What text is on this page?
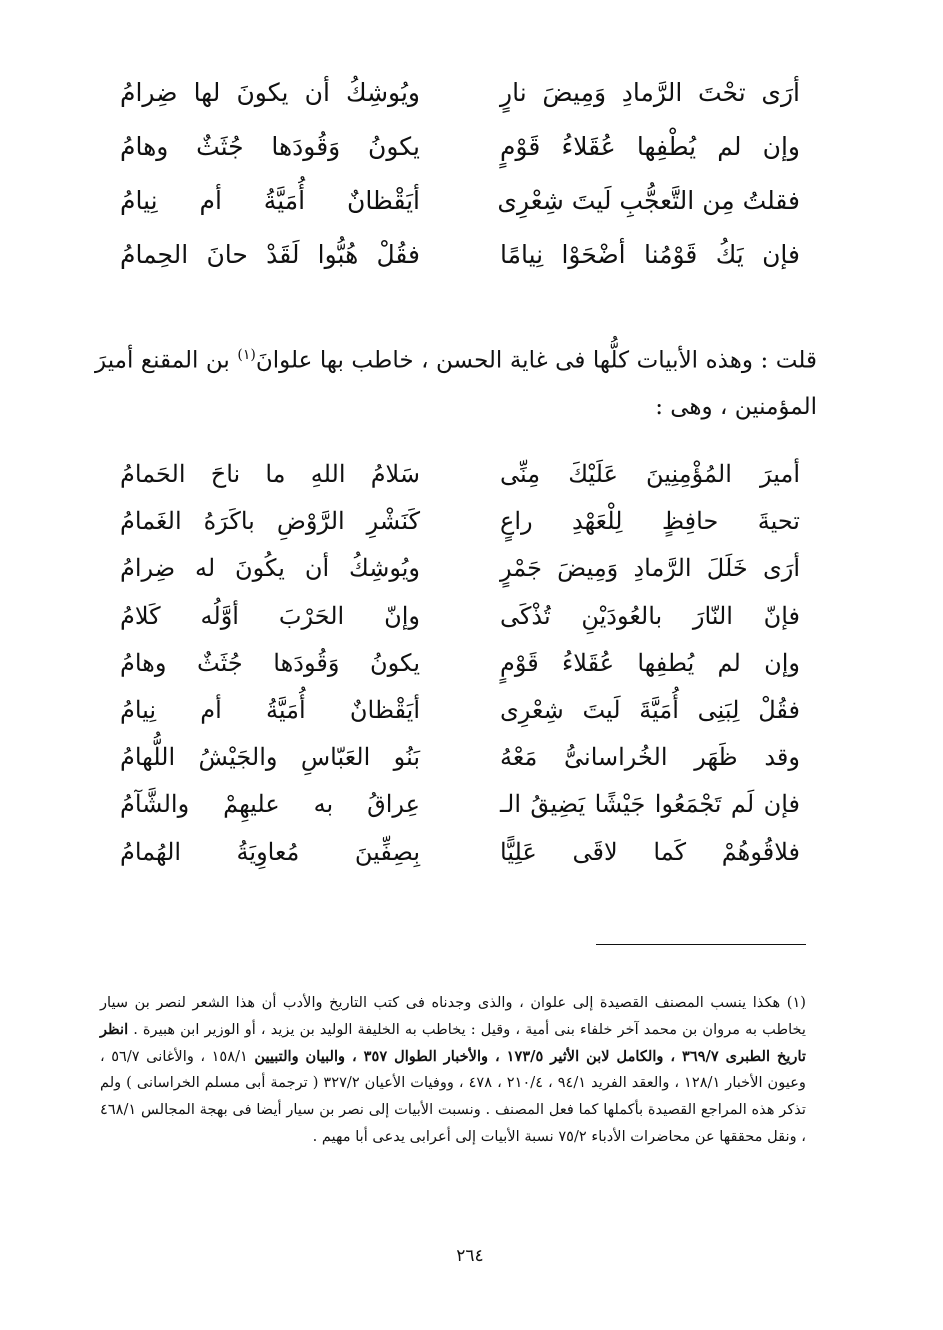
أرَى تحْتَ الرَّمادِ وَمِيضَ نارٍ
ويُوشِكُ أن يكونَ لها ضِرامُ
وإن لم يُطْفِها عُقَلاءُ قَوْمٍ
يكونُ وَقُودَها جُثَثٌ وهامُ
فقلتُ مِن التَّعجُّبِ لَيتَ شِعْرِى
أيَقْظانٌ أُمَيَّةُ أم نِيامُ
فإن يَكُ قَوْمُنا أضْحَوْا نِيامًا
فقُلْ هُبُّوا لَقَدْ حانَ الحِمامُ
قلت : وهذه الأبيات كلُّها فى غاية الحسن ، خاطب بها علوانَ$^{(١)}$ بن المقنع أميرَ المؤمنين ، وهى :
أميرَ المُؤْمِنِينَ عَلَيْكَ مِنِّى
سَلامُ اللهِ ما ناحَ الحَمامُ
تحيةَ حافِظٍ لِلْعَهْدِ راعٍ
كَنَشْرِ الرَّوْضِ باكَرَهُ الغَمامُ
أرَى خَلَلَ الرَّمادِ وَمِيضَ جَمْرٍ
ويُوشِكُ أن يكُونَ له ضِرامُ
فإنّ النّارَ بالعُودَيْنِ تُذْكَى
وإنّ الحَرْبَ أوَّلُه كَلامُ
وإن لم يُطفِها عُقَلاءُ قَوْمٍ
يكونُ وَقُودَها جُثَثٌ وهامُ
فقُلْ لِبَنِى أُمَيَّةَ لَيتَ شِعْرِى
أيَقْظانٌ أُمَيَّةُ أم نِيامُ
وقد ظَهَر الخُراسانىُّ مَعْهُ
بَنُو العَبّاسِ والجَيْشُ اللُّهامُ
فإن لَم تَجْمَعُوا جَيْشًا يَضِيقُ الـ
عِراقُ به عليهِمْ والشَّآمُ
فلاقُوهُمْ كَما لاقَى عَلِيًّا
بِصِفِّينَ مُعاوِيَةُ الهُمامُ
(١) هكذا ينسب المصنف القصيدة إلى علوان ، والذى وجدناه فى كتب التاريخ والأدب أن هذا الشعر لنصر بن سيار يخاطب به مروان بن محمد آخر خلفاء بنى أمية ، وقيل : يخاطب به الخليفة الوليد بن يزيد ، أو الوزير ابن هبيرة . انظر تاريخ الطبرى ٣٦٩/٧ ، والكامل لابن الأثير ١٧٣/٥ ، والأخبار الطوال ٣٥٧ ، والبيان والتبيين ١٥٨/١ ، والأغانى ٥٦/٧ ، وعيون الأخبار ١٢٨/١ ، والعقد الفريد ٩٤/١ ، ٢١٠/٤ ، ٤٧٨ ، ووفيات الأعيان ٣٢٧/٢ ( ترجمة أبى مسلم الخراسانى ) ولم تذكر هذه المراجع القصيدة بأكملها كما فعل المصنف . ونسبت الأبيات إلى نصر بن سيار أيضا فى بهجة المجالس ٤٦٨/١ ، ونقل محققها عن محاضرات الأدباء ٧٥/٢ نسبة الأبيات إلى أعرابى يدعى أبا مهيم .
٢٦٤
